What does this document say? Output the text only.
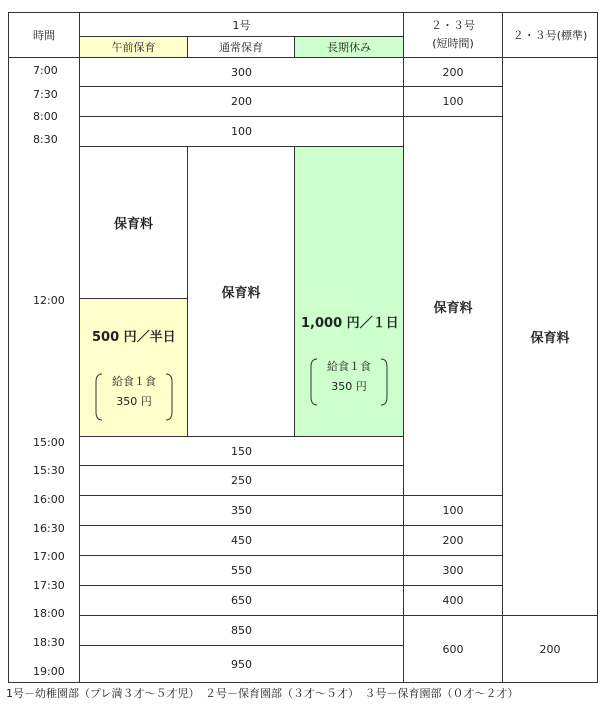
時間
1号
午前保育	通常保育	長期休み
２・３号
(短時間)
２・３号(標準)
7:00
7:30
8:00
8:30
12:00
15:00
15:30
16:00
16:30
17:00
17:30
18:00
18:30
19:00
300
200
100
保育料
500 円／半日
給食１食
350 円
保育料
1,000 円／１日
給食１食
350 円
150
250
350
450
550
650
850
950
200
100
保育料
100
200
300
400
600
保育料
200
1号－幼稚園部（プレ満３才～５才児）　２号－保育園部（３才～５才）　３号－保育園部（０才～２才）
